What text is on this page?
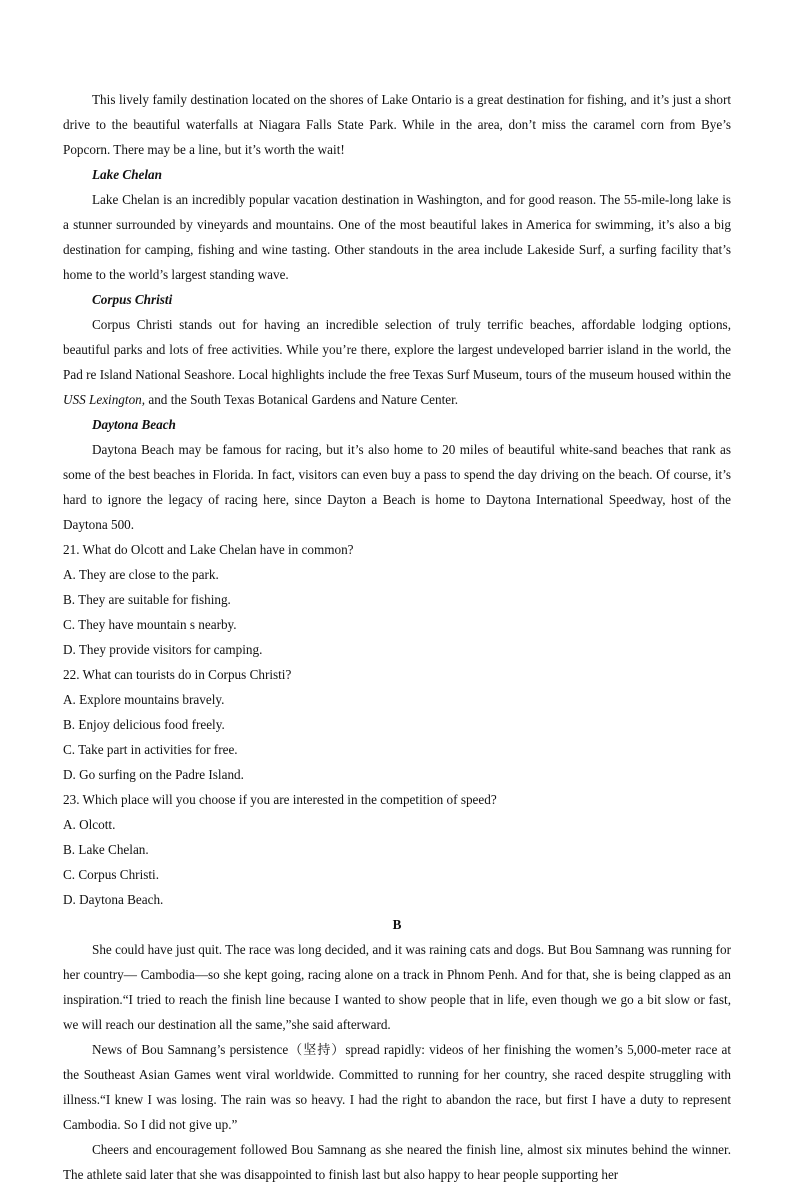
This lively family destination located on the shores of Lake Ontario is a great destination for fishing, and it’s just a short drive to the beautiful waterfalls at Niagara Falls State Park. While in the area, don’t miss the caramel corn from Bye’s Popcorn. There may be a line, but it’s worth the wait!

Lake Chelan

Lake Chelan is an incredibly popular vacation destination in Washington, and for good reason. The 55-mile-long lake is a stunner surrounded by vineyards and mountains. One of the most beautiful lakes in America for swimming, it’s also a big destination for camping, fishing and wine tasting. Other standouts in the area include Lakeside Surf, a surfing facility that’s home to the world’s largest standing wave.

Corpus Christi

Corpus Christi stands out for having an incredible selection of truly terrific beaches, affordable lodging options, beautiful parks and lots of free activities. While you’re there, explore the largest undeveloped barrier island in the world, the Pad re Island National Seashore. Local highlights include the free Texas Surf Museum, tours of the museum housed within the USS Lexington, and the South Texas Botanical Gardens and Nature Center.

Daytona Beach

Daytona Beach may be famous for racing, but it’s also home to 20 miles of beautiful white-sand beaches that rank as some of the best beaches in Florida. In fact, visitors can even buy a pass to spend the day driving on the beach. Of course, it’s hard to ignore the legacy of racing here, since Dayton a Beach is home to Daytona International Speedway, host of the Daytona 500.

21. What do Olcott and Lake Chelan have in common?

A. They are close to the park.
B. They are suitable for fishing.
C. They have mountain s nearby.
D. They provide visitors for camping.

22. What can tourists do in Corpus Christi?

A. Explore mountains bravely.
B. Enjoy delicious food freely.
C. Take part in activities for free.
D. Go surfing on the Padre Island.

23. Which place will you choose if you are interested in the competition of speed?

A. Olcott.
B. Lake Chelan.
C. Corpus Christi.
D. Daytona Beach.

B

She could have just quit. The race was long decided, and it was raining cats and dogs. But Bou Samnang was running for her country— Cambodia—so she kept going, racing alone on a track in Phnom Penh. And for that, she is being clapped as an inspiration.“I tried to reach the finish line because I wanted to show people that in life, even though we go a bit slow or fast, we will reach our destination all the same,”she said afterward.

News of Bou Samnang’s persistence（坚持）spread rapidly: videos of her finishing the women’s 5,000-meter race at the Southeast Asian Games went viral worldwide. Committed to running for her country, she raced despite struggling with illness.“I knew I was losing. The rain was so heavy. I had the right to abandon the race, but first I have a duty to represent Cambodia. So I did not give up.”

Cheers and encouragement followed Bou Samnang as she neared the finish line, almost six minutes behind the winner. The athlete said later that she was disappointed to finish last but also happy to hear people supporting her
